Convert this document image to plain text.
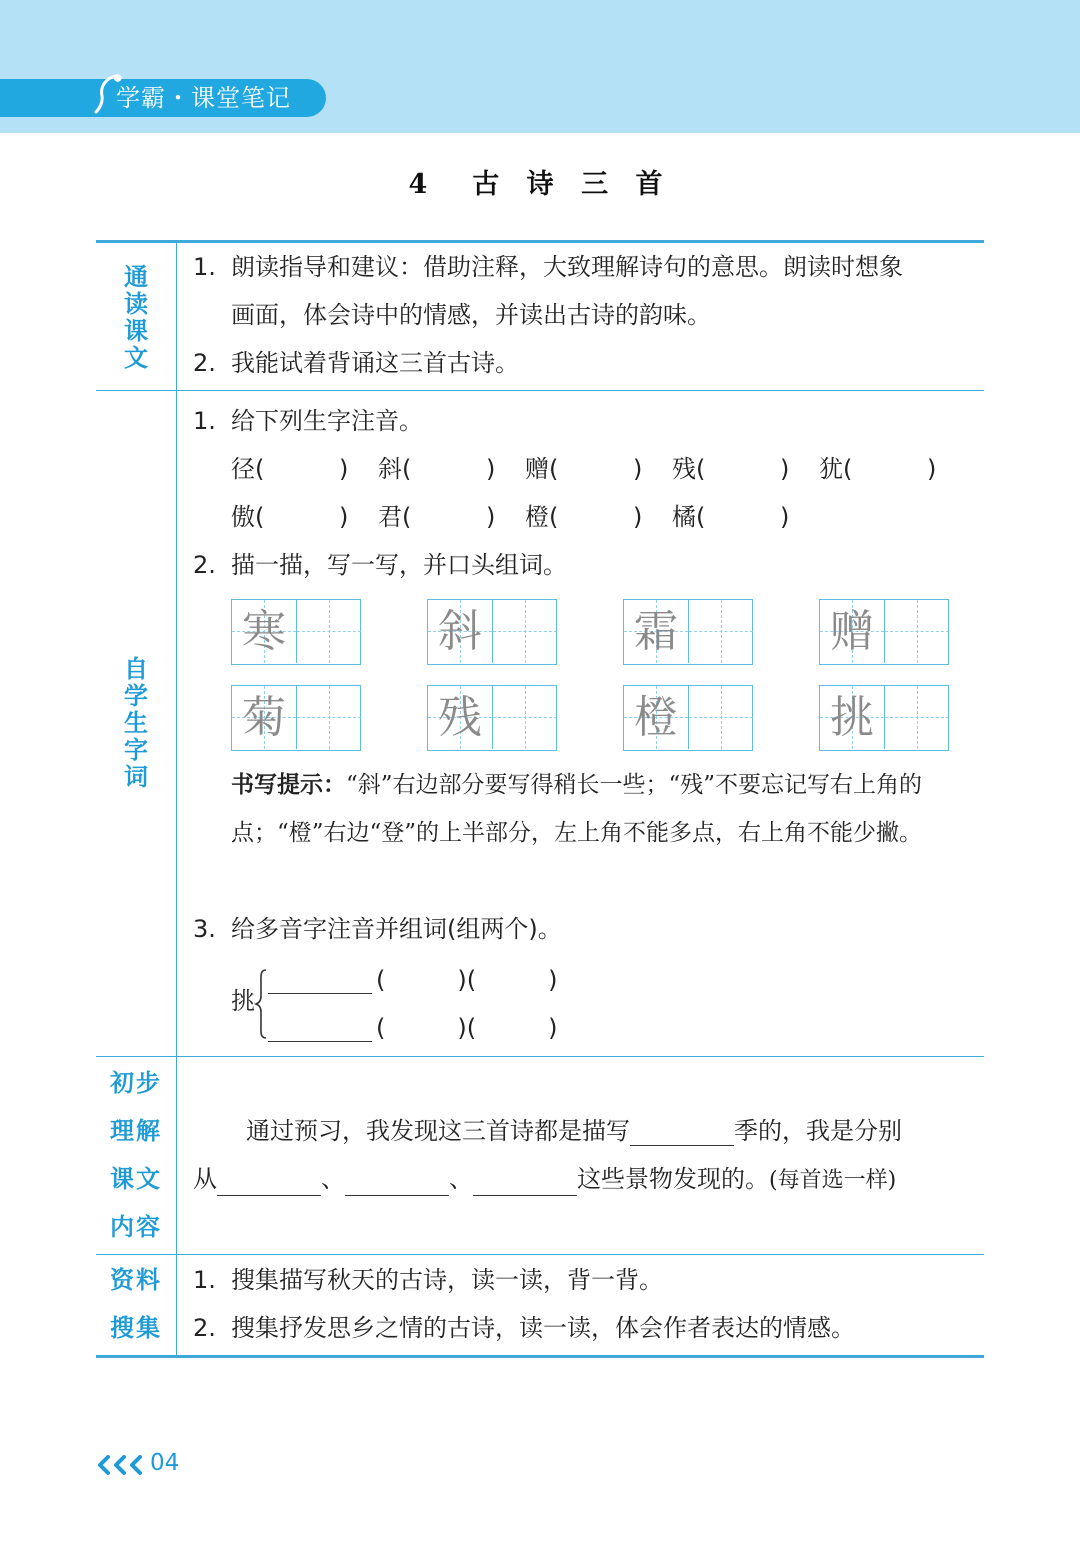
学霸・课堂笔记
4　古 诗 三 首
通
读
课
文
1. 朗读指导和建议：借助注释，大致理解诗句的意思。朗读时想象
画面，体会诗中的情感，并读出古诗的韵味。
2. 我能试着背诵这三首古诗。
自
学
生
字
词
1. 给下列生字注音。
径(	) 斜(	) 赠(	) 残(	) 犹(	)
傲(	) 君(	) 橙(	) 橘(	)
2. 描一描，写一写，并口头组词。
寒	斜	霜	赠
菊	残	橙	挑
书写提示：“斜”右边部分要写得稍长一些；“残”不要忘记写右上角的点；“橙”右边“登”的上半部分，左上角不能多点，右上角不能少撇。
3. 给多音字注音并组词(组两个)。
挑
(　　　)(　　　)
(　　　)(　　　)
初步
理解
课文
内容
通过预习，我发现这三首诗都是描写	季的，我是分别
从	、	、	这些景物发现的。(每首选一样)
资料
搜集
1. 搜集描写秋天的古诗，读一读，背一背。
2. 搜集抒发思乡之情的古诗，读一读，体会作者表达的情感。
04
